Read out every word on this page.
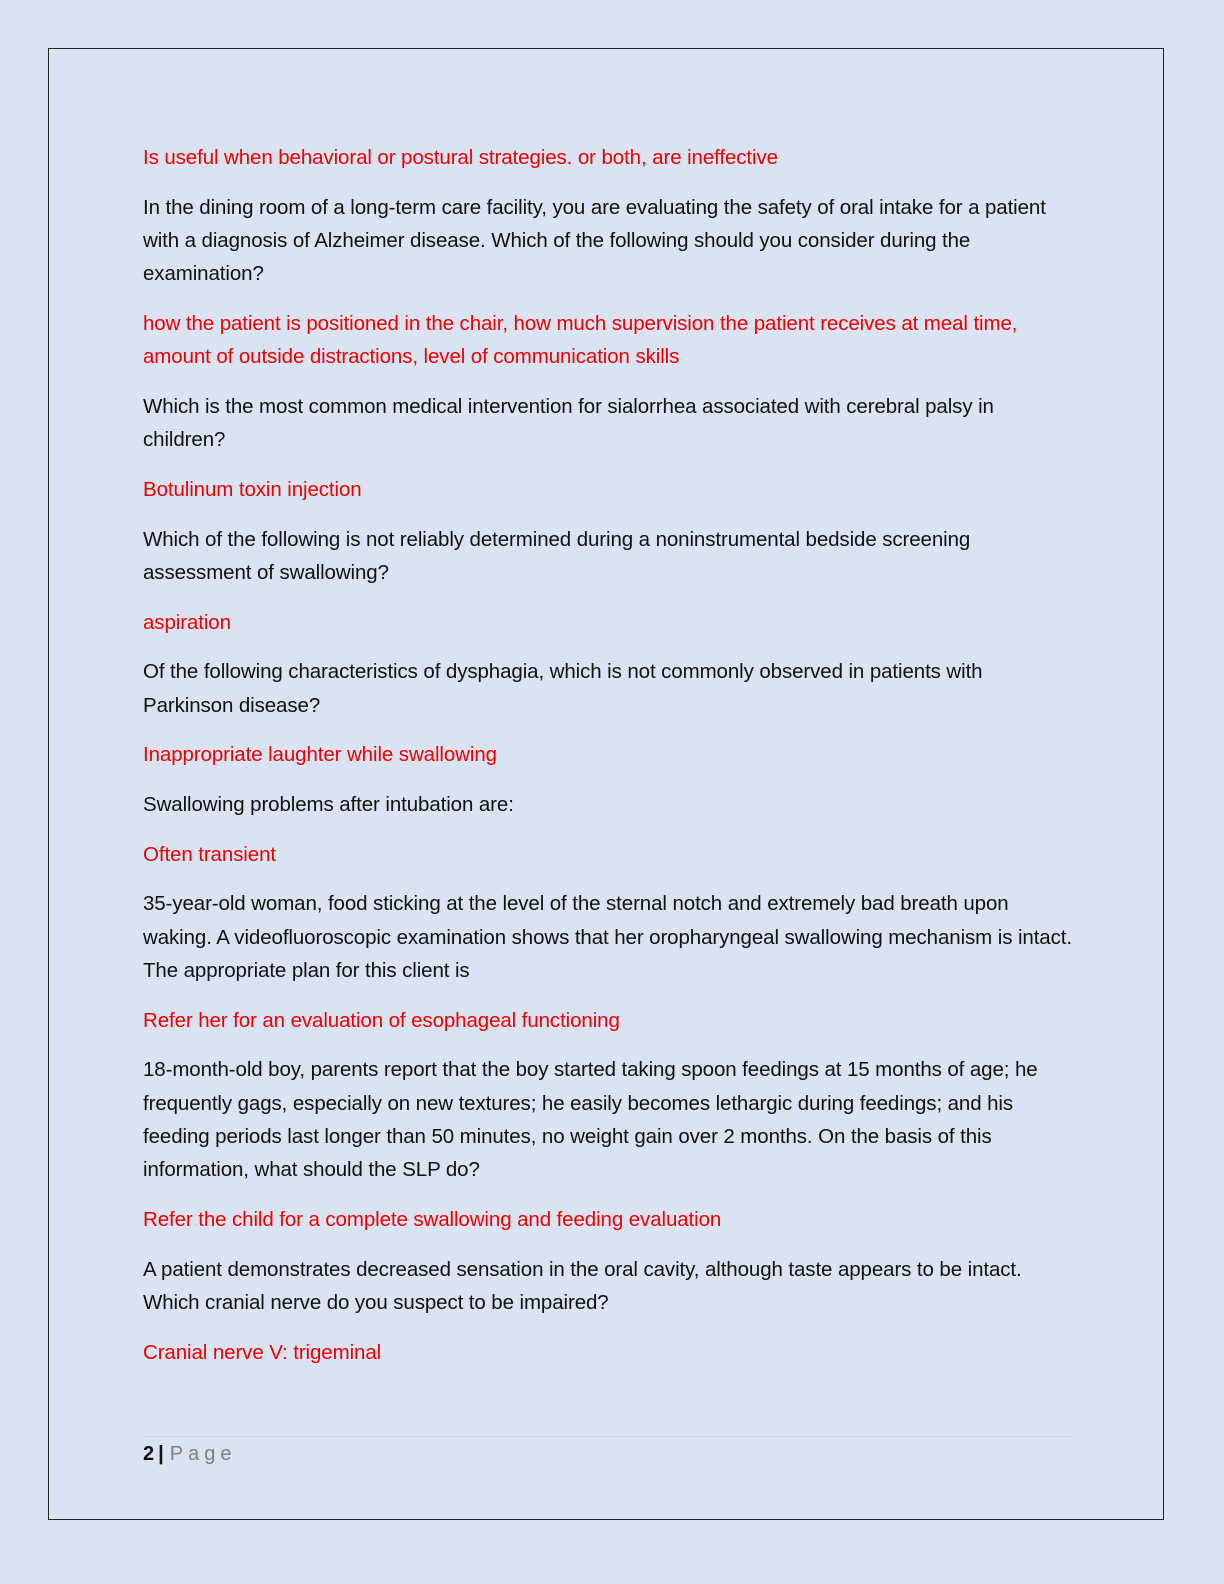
Is useful when behavioral or postural strategies. or both, are ineffective

In the dining room of a long-term care facility, you are evaluating the safety of oral intake for a patient with a diagnosis of Alzheimer disease. Which of the following should you consider during the examination?

how the patient is positioned in the chair, how much supervision the patient receives at meal time, amount of outside distractions, level of communication skills

Which is the most common medical intervention for sialorrhea associated with cerebral palsy in children?

Botulinum toxin injection

Which of the following is not reliably determined during a noninstrumental bedside screening assessment of swallowing?

aspiration

Of the following characteristics of dysphagia, which is not commonly observed in patients with Parkinson disease?

Inappropriate laughter while swallowing

Swallowing problems after intubation are:

Often transient

35-year-old woman, food sticking at the level of the sternal notch and extremely bad breath upon waking. A videofluoroscopic examination shows that her oropharyngeal swallowing mechanism is intact. The appropriate plan for this client is

Refer her for an evaluation of esophageal functioning

18-month-old boy, parents report that the boy started taking spoon feedings at 15 months of age; he frequently gags, especially on new textures; he easily becomes lethargic during feedings; and his feeding periods last longer than 50 minutes, no weight gain over 2 months. On the basis of this information, what should the SLP do?

Refer the child for a complete swallowing and feeding evaluation

A patient demonstrates decreased sensation in the oral cavity, although taste appears to be intact. Which cranial nerve do you suspect to be impaired?

Cranial nerve V: trigeminal

2 | Page
